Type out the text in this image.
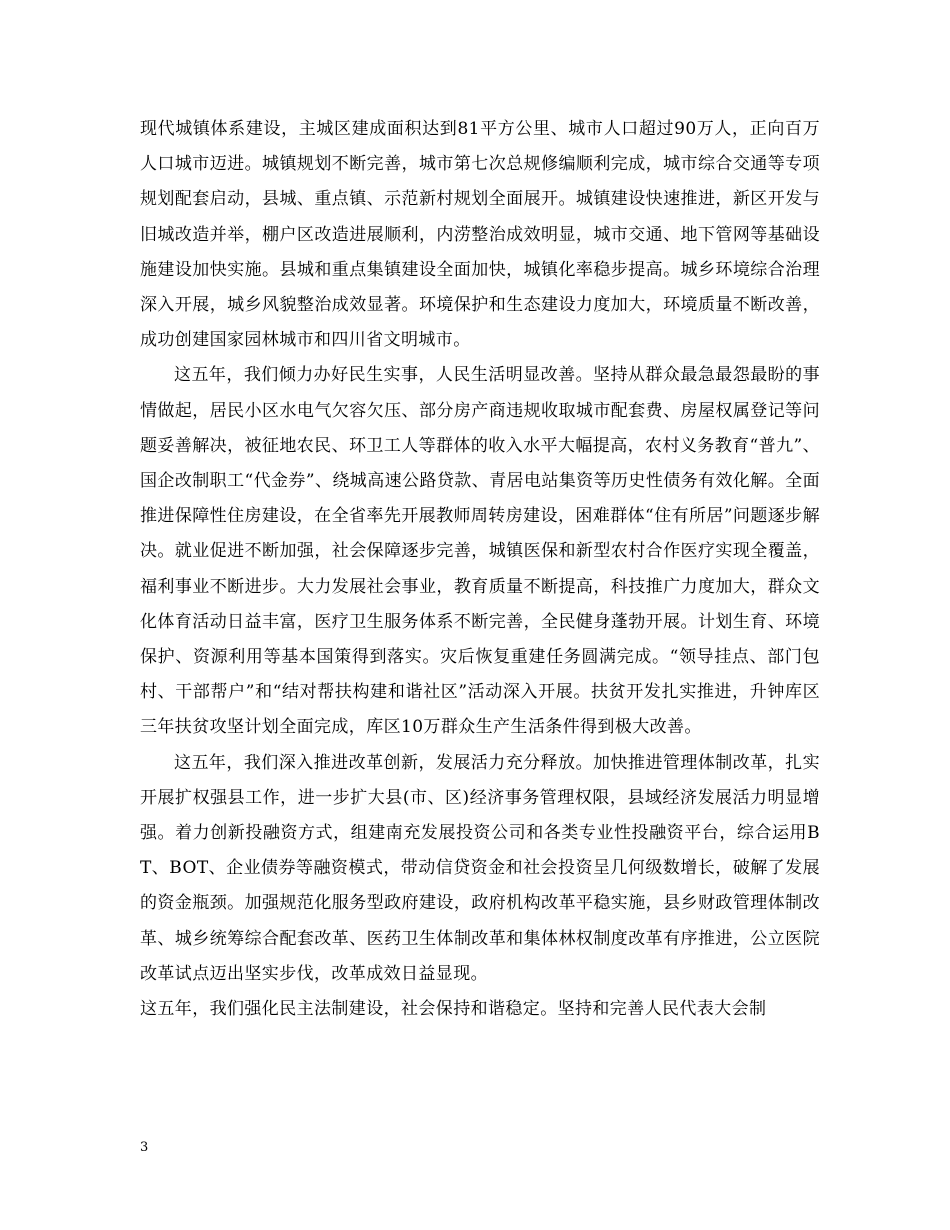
现代城镇体系建设，主城区建成面积达到81平方公里、城市人口超过90万人，正向百万人口城市迈进。城镇规划不断完善，城市第七次总规修编顺利完成，城市综合交通等专项规划配套启动，县城、重点镇、示范新村规划全面展开。城镇建设快速推进，新区开发与旧城改造并举，棚户区改造进展顺利，内涝整治成效明显，城市交通、地下管网等基础设施建设加快实施。县城和重点集镇建设全面加快，城镇化率稳步提高。城乡环境综合治理深入开展，城乡风貌整治成效显著。环境保护和生态建设力度加大，环境质量不断改善，成功创建国家园林城市和四川省文明城市。

这五年，我们倾力办好民生实事，人民生活明显改善。坚持从群众最急最怨最盼的事情做起，居民小区水电气欠容欠压、部分房产商违规收取城市配套费、房屋权属登记等问题妥善解决，被征地农民、环卫工人等群体的收入水平大幅提高，农村义务教育“普九”、国企改制职工“代金券”、绕城高速公路贷款、青居电站集资等历史性债务有效化解。全面推进保障性住房建设，在全省率先开展教师周转房建设，困难群体“住有所居”问题逐步解决。就业促进不断加强，社会保障逐步完善，城镇医保和新型农村合作医疗实现全覆盖，福利事业不断进步。大力发展社会事业，教育质量不断提高，科技推广力度加大，群众文化体育活动日益丰富，医疗卫生服务体系不断完善，全民健身蓬勃开展。计划生育、环境保护、资源利用等基本国策得到落实。灾后恢复重建任务圆满完成。“领导挂点、部门包村、干部帮户”和“结对帮扶构建和谐社区”活动深入开展。扶贫开发扎实推进，升钟库区三年扶贫攻坚计划全面完成，库区10万群众生产生活条件得到极大改善。

这五年，我们深入推进改革创新，发展活力充分释放。加快推进管理体制改革，扎实开展扩权强县工作，进一步扩大县(市、区)经济事务管理权限，县域经济发展活力明显增强。着力创新投融资方式，组建南充发展投资公司和各类专业性投融资平台，综合运用BT、BOT、企业债券等融资模式，带动信贷资金和社会投资呈几何级数增长，破解了发展的资金瓶颈。加强规范化服务型政府建设，政府机构改革平稳实施，县乡财政管理体制改革、城乡统筹综合配套改革、医药卫生体制改革和集体林权制度改革有序推进，公立医院改革试点迈出坚实步伐，改革成效日益显现。

这五年，我们强化民主法制建设，社会保持和谐稳定。坚持和完善人民代表大会制

3
